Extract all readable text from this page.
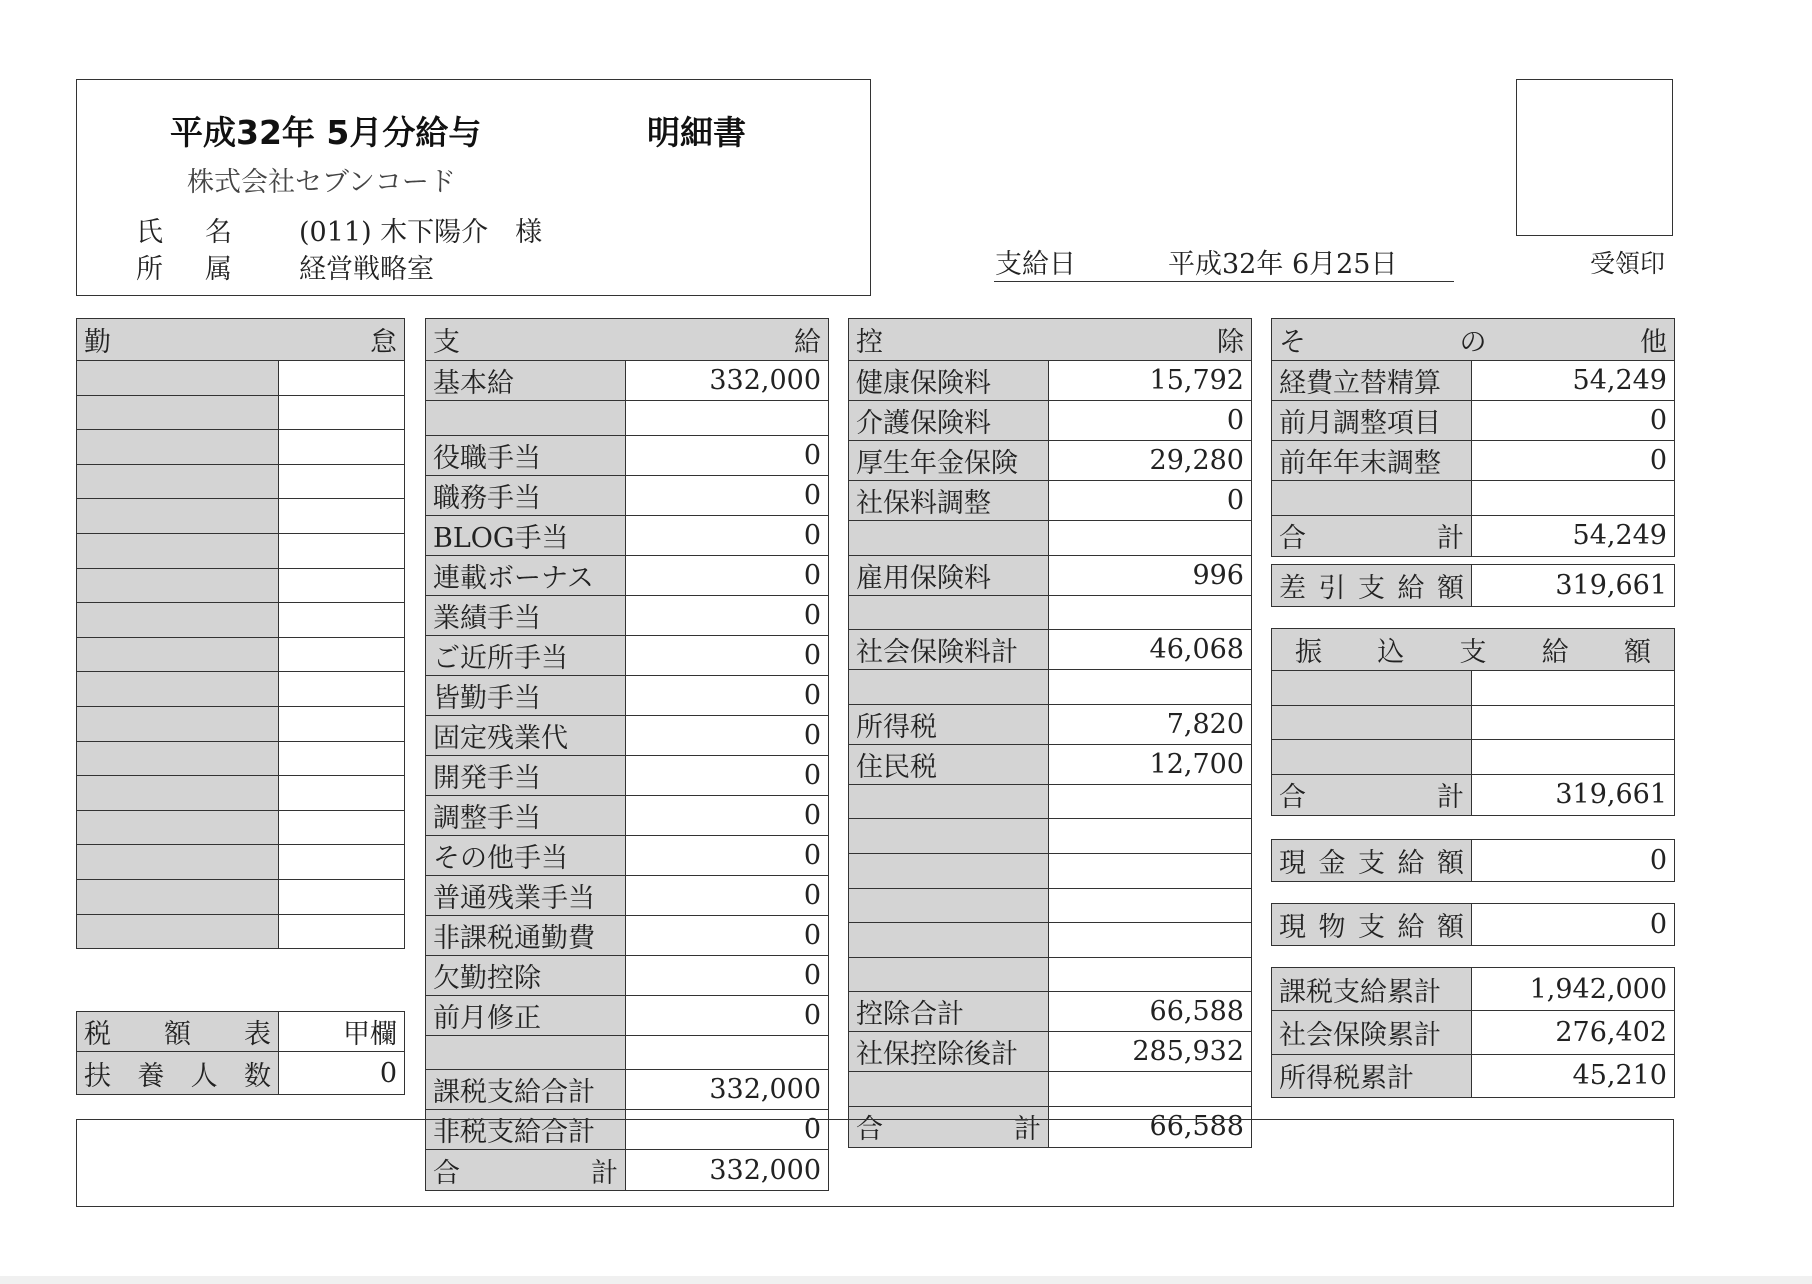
平成32年 5月分給与	明細書
株式会社セブンコード
氏 名 (011) 木下陽介　様
所 属 経営戦略室	支給日	平成32年 6月25日	受領印
勤 怠	

税 額 表	甲欄

扶 養 人 数	0
支 給	

基本給	332,000

役職手当	0
職務手当	0
BLOG手当	0
連載ボーナス	0
業績手当	0
ご近所手当	0
皆勤手当	0
固定残業代	0
開発手当	0
調整手当	0
その他手当	0
普通残業手当	0
非課税通勤費	0
欠勤控除	0
前月修正	0

課税支給合計	332,000
非税支給合計	0

合 計	332,000
控 除	

健康保険料	15,792
介護保険料	0
厚生年金保険	29,280
社保料調整	0

雇用保険料	996

社会保険料計	46,068

所得税	7,820
住民税	12,700

控除合計	66,588
社保控除後計	285,932

合 計	66,588
そ の 他	

経費立替精算	54,249
前月調整項目	0
前年年末調整	0

合 計	54,249
差 引 支 給 額	319,661
振 込 支 給 額	

合 計	319,661
現 金 支 給 額	0
現 物 支 給 額	0
課税支給累計	1,942,000
社会保険累計	276,402
所得税累計	45,210
